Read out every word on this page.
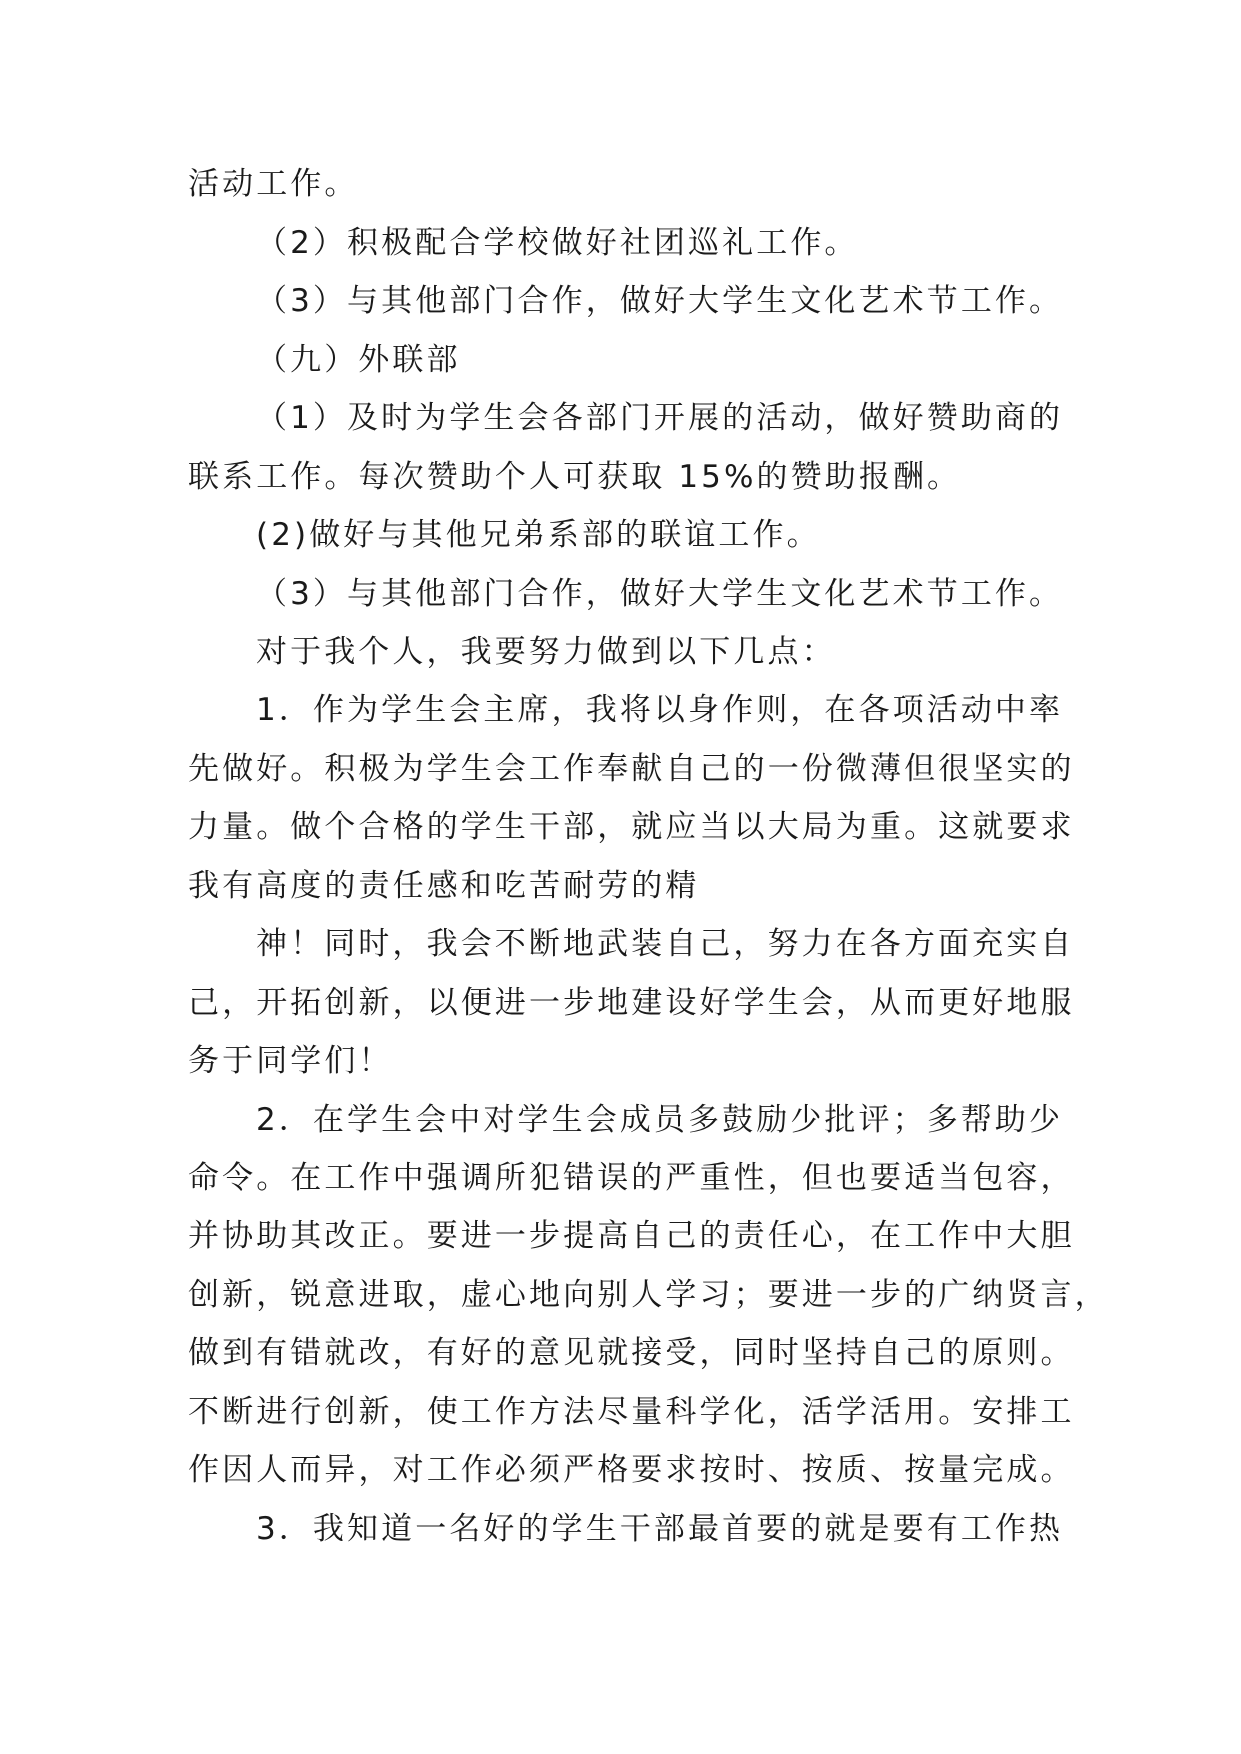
活动工作。
（2）积极配合学校做好社团巡礼工作。
（3）与其他部门合作，做好大学生文化艺术节工作。
（九）外联部
（1）及时为学生会各部门开展的活动，做好赞助商的
联系工作。每次赞助个人可获取 15%的赞助报酬。
(2)做好与其他兄弟系部的联谊工作。
（3）与其他部门合作，做好大学生文化艺术节工作。
对于我个人，我要努力做到以下几点：
1．作为学生会主席，我将以身作则，在各项活动中率
先做好。积极为学生会工作奉献自己的一份微薄但很坚实的
力量。做个合格的学生干部，就应当以大局为重。这就要求
我有高度的责任感和吃苦耐劳的精
神！同时，我会不断地武装自己，努力在各方面充实自
己，开拓创新，以便进一步地建设好学生会，从而更好地服
务于同学们！
2．在学生会中对学生会成员多鼓励少批评；多帮助少
命令。在工作中强调所犯错误的严重性，但也要适当包容，
并协助其改正。要进一步提高自己的责任心，在工作中大胆
创新，锐意进取，虚心地向别人学习；要进一步的广纳贤言，
做到有错就改，有好的意见就接受，同时坚持自己的原则。
不断进行创新，使工作方法尽量科学化，活学活用。安排工
作因人而异，对工作必须严格要求按时、按质、按量完成。
3．我知道一名好的学生干部最首要的就是要有工作热
